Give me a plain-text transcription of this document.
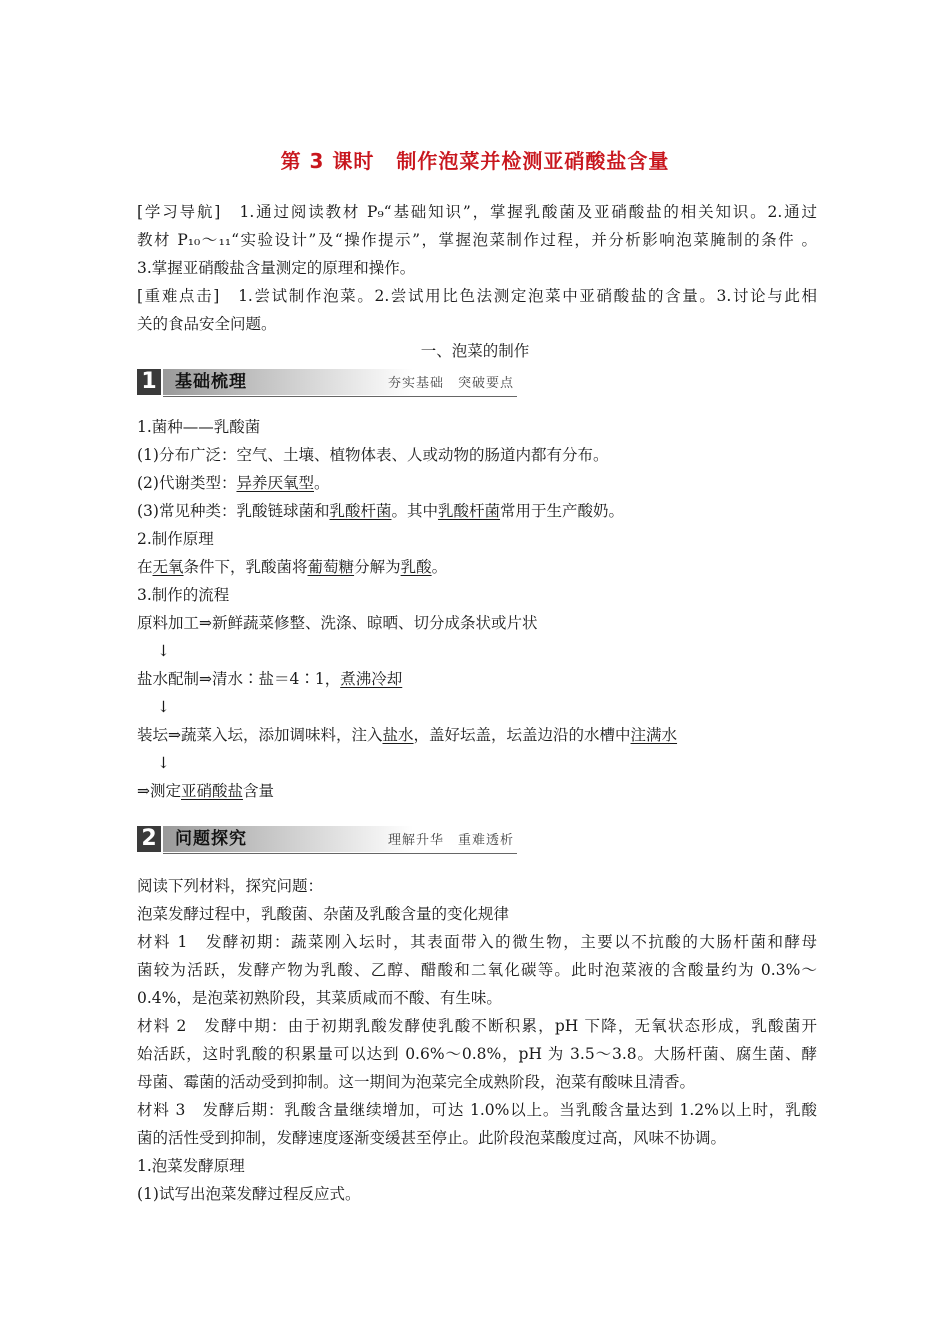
第 3 课时 制作泡菜并检测亚硝酸盐含量
[学习导航]　1.通过阅读教材 P₉“基础知识”，掌握乳酸菌及亚硝酸盐的相关知识。2.通过
教材 P₁₀～₁₁“实验设计”及“操作提示”，掌握泡菜制作过程，并分析影响泡菜腌制的条件 。
3.掌握亚硝酸盐含量测定的原理和操作。
[重难点击]　1.尝试制作泡菜。2.尝试用比色法测定泡菜中亚硝酸盐的含量。3.讨论与此相
关的食品安全问题。
一、泡菜的制作
1 基础梳理	夯实基础　突破要点
1.菌种——乳酸菌
(1)分布广泛：空气、土壤、植物体表、人或动物的肠道内都有分布。
(2)代谢类型：异养厌氧型。
(3)常见种类：乳酸链球菌和乳酸杆菌。其中乳酸杆菌常用于生产酸奶。
2.制作原理
在无氧条件下，乳酸菌将葡萄糖分解为乳酸。
3.制作的流程
原料加工⇒新鲜蔬菜修整、洗涤、晾晒、切分成条状或片状
↓
盐水配制⇒清水∶盐＝4∶1，煮沸冷却
↓
装坛⇒蔬菜入坛，添加调味料，注入盐水，盖好坛盖，坛盖边沿的水槽中注满水
↓
⇒测定亚硝酸盐含量
2 问题探究	理解升华　重难透析
阅读下列材料，探究问题：
泡菜发酵过程中，乳酸菌、杂菌及乳酸含量的变化规律
材料 1　发酵初期：蔬菜刚入坛时，其表面带入的微生物，主要以不抗酸的大肠杆菌和酵母
菌较为活跃，发酵产物为乳酸、乙醇、醋酸和二氧化碳等。此时泡菜液的含酸量约为 0.3%～
0.4%，是泡菜初熟阶段，其菜质咸而不酸、有生味。
材料 2　发酵中期：由于初期乳酸发酵使乳酸不断积累，pH 下降，无氧状态形成，乳酸菌开
始活跃，这时乳酸的积累量可以达到 0.6%～0.8%，pH 为 3.5～3.8。大肠杆菌、腐生菌、酵
母菌、霉菌的活动受到抑制。这一期间为泡菜完全成熟阶段，泡菜有酸味且清香。
材料 3　发酵后期：乳酸含量继续增加，可达 1.0%以上。当乳酸含量达到 1.2%以上时，乳酸
菌的活性受到抑制，发酵速度逐渐变缓甚至停止。此阶段泡菜酸度过高，风味不协调。
1.泡菜发酵原理
(1)试写出泡菜发酵过程反应式。
